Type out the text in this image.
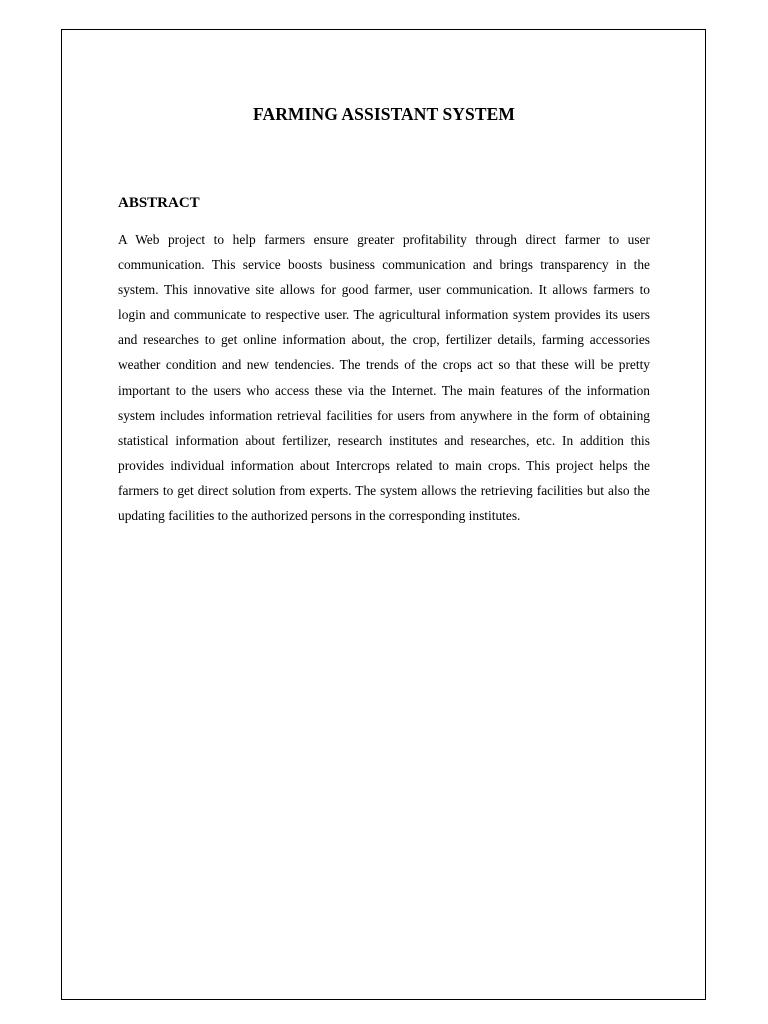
FARMING ASSISTANT SYSTEM
ABSTRACT

A Web project to help farmers ensure greater profitability through direct farmer to user communication. This service boosts business communication and brings transparency in the system. This innovative site allows for good farmer, user communication. It allows farmers to login and communicate to respective user. The agricultural information system provides its users and researches to get online information about, the crop, fertilizer details, farming accessories weather condition and new tendencies. The trends of the crops act so that these will be pretty important to the users who access these via the Internet. The main features of the information system includes information retrieval facilities for users from anywhere in the form of obtaining statistical information about fertilizer, research institutes and researches, etc. In addition this provides individual information about Intercrops related to main crops. This project helps the farmers to get direct solution from experts. The system allows the retrieving facilities but also the updating facilities to the authorized persons in the corresponding institutes.
